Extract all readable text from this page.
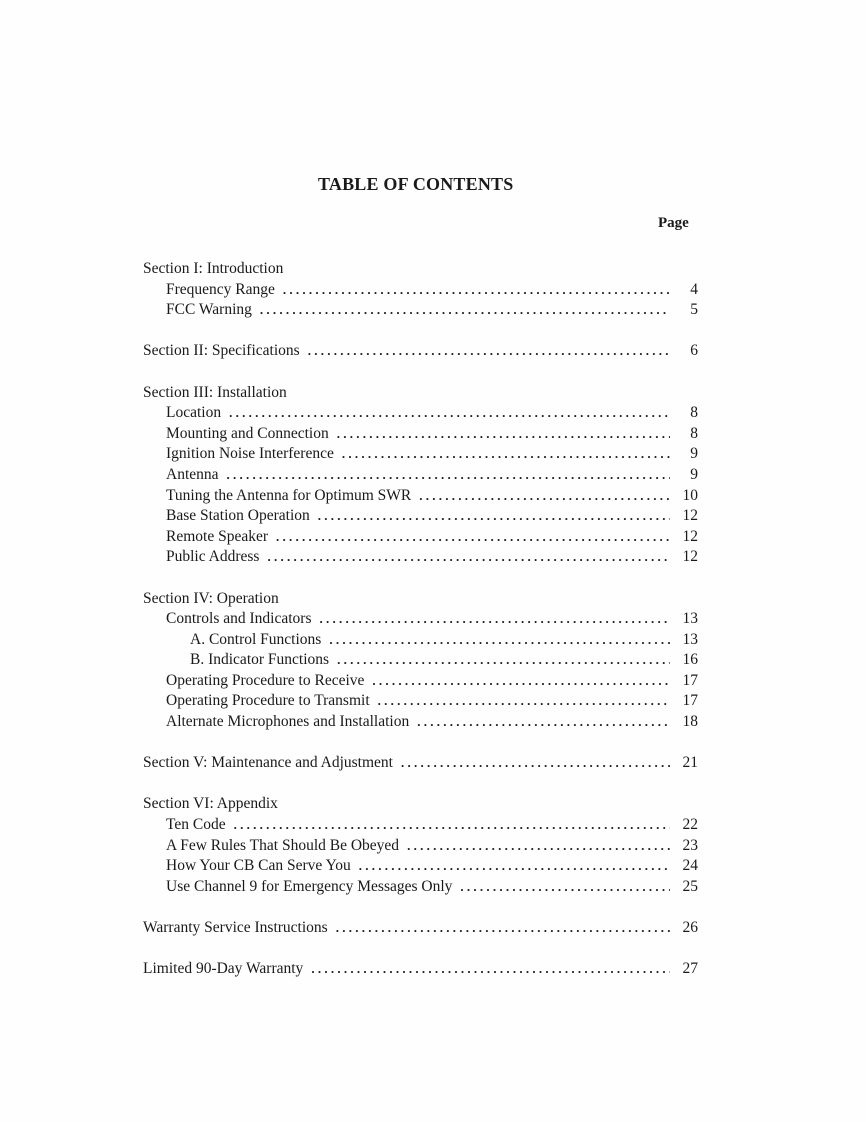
TABLE OF CONTENTS
Page
Section I: Introduction
Frequency Range . . .	4
FCC Warning . . .	5
Section II: Specifications . . .	6
Section III: Installation
Location . . .	8
Mounting and Connection . . .	8
Ignition Noise Interference . . .	9
Antenna . . .	9
Tuning the Antenna for Optimum SWR . . .	10
Base Station Operation . . .	12
Remote Speaker . . .	12
Public Address . . .	12
Section IV: Operation
Controls and Indicators . . .	13
A. Control Functions . . .	13
B. Indicator Functions . . .	16
Operating Procedure to Receive . . .	17
Operating Procedure to Transmit . . .	17
Alternate Microphones and Installation . . .	18
Section V: Maintenance and Adjustment . . .	21
Section VI: Appendix
Ten Code . . .	22
A Few Rules That Should Be Obeyed . . .	23
How Your CB Can Serve You . . .	24
Use Channel 9 for Emergency Messages Only . . .	25
Warranty Service Instructions . . .	26
Limited 90-Day Warranty . . .	27
